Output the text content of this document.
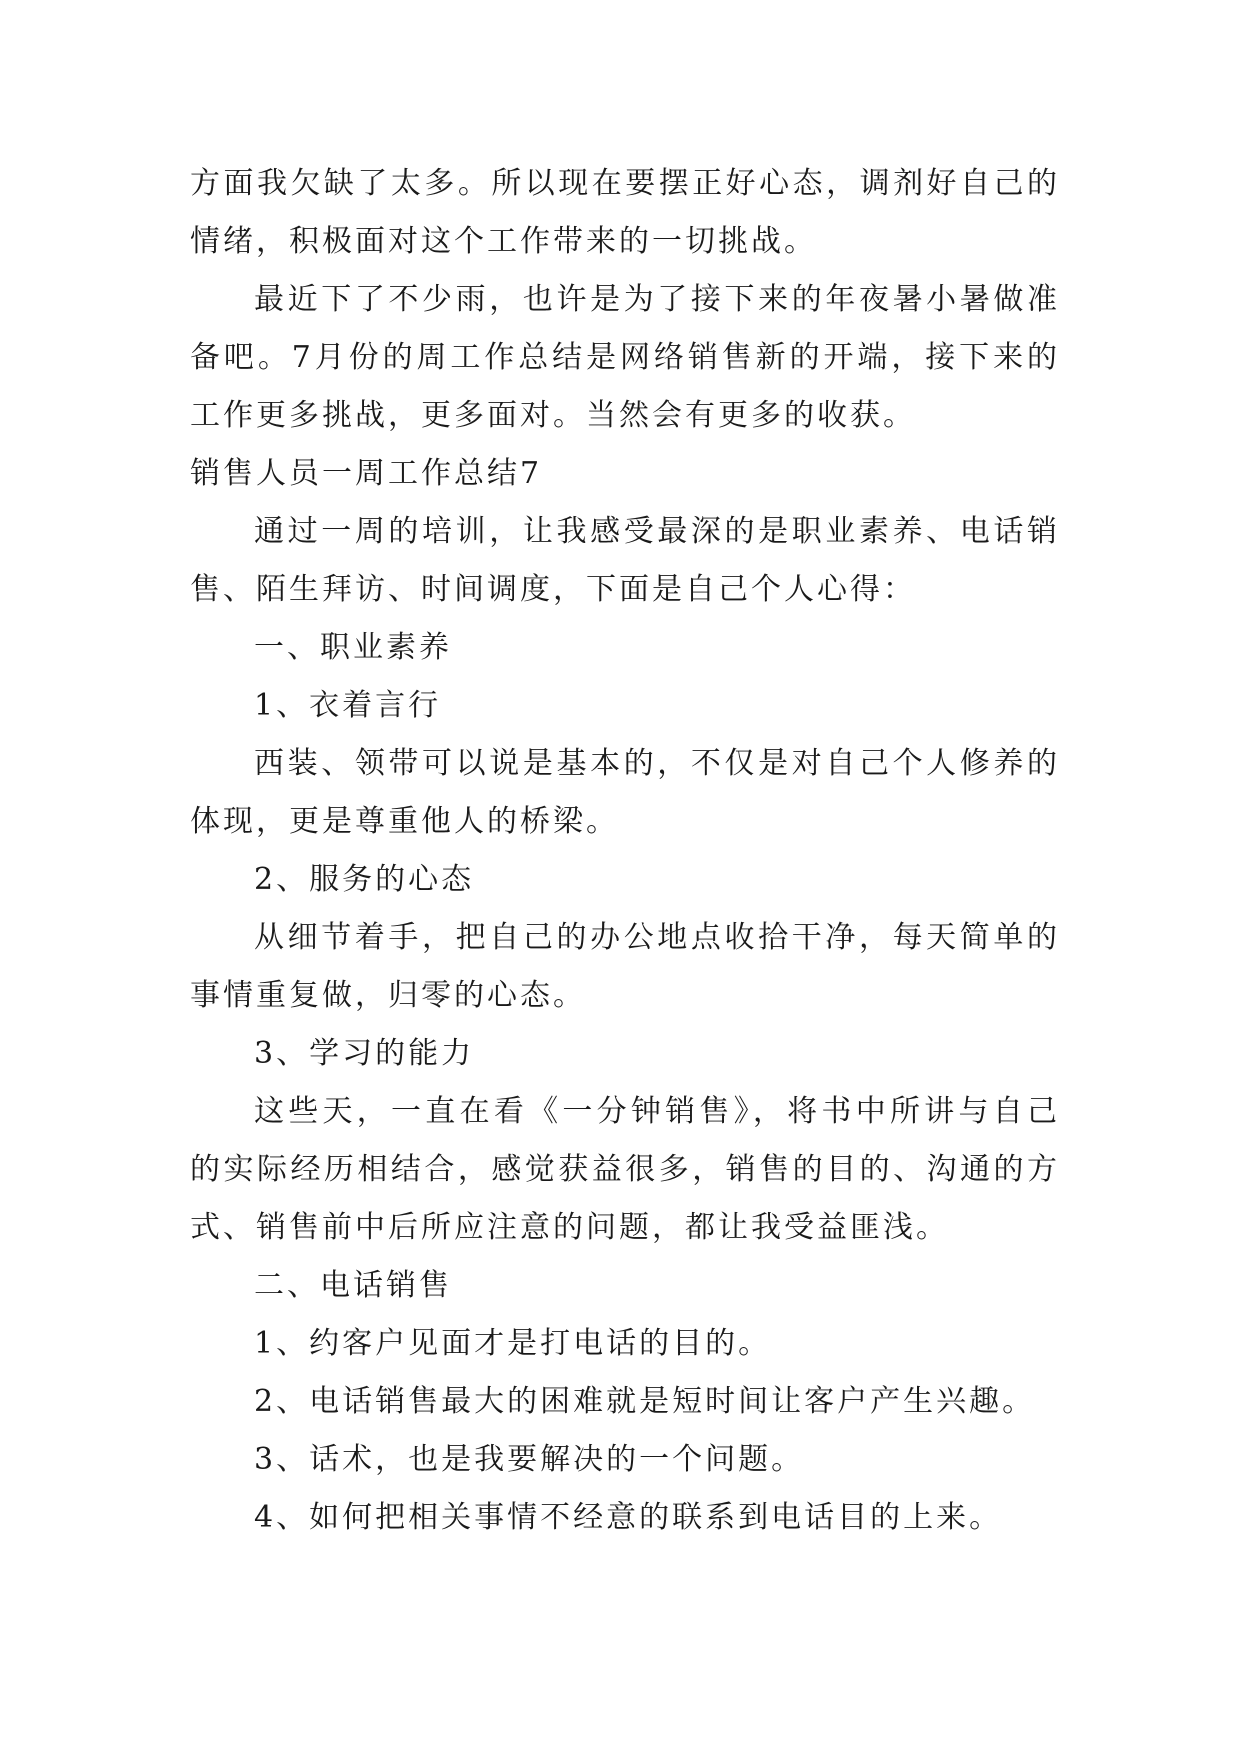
方面我欠缺了太多。所以现在要摆正好心态，调剂好自己的情绪，积极面对这个工作带来的一切挑战。

最近下了不少雨，也许是为了接下来的年夜暑小暑做准备吧。7月份的周工作总结是网络销售新的开端，接下来的工作更多挑战，更多面对。当然会有更多的收获。

销售人员一周工作总结7

通过一周的培训，让我感受最深的是职业素养、电话销售、陌生拜访、时间调度，下面是自己个人心得：

一、职业素养

1、衣着言行

西装、领带可以说是基本的，不仅是对自己个人修养的体现，更是尊重他人的桥梁。

2、服务的心态

从细节着手，把自己的办公地点收拾干净，每天简单的事情重复做，归零的心态。

3、学习的能力

这些天，一直在看《一分钟销售》，将书中所讲与自己的实际经历相结合，感觉获益很多，销售的目的、沟通的方式、销售前中后所应注意的问题，都让我受益匪浅。

二、电话销售

1、约客户见面才是打电话的目的。

2、电话销售最大的困难就是短时间让客户产生兴趣。

3、话术，也是我要解决的一个问题。

4、如何把相关事情不经意的联系到电话目的上来。
